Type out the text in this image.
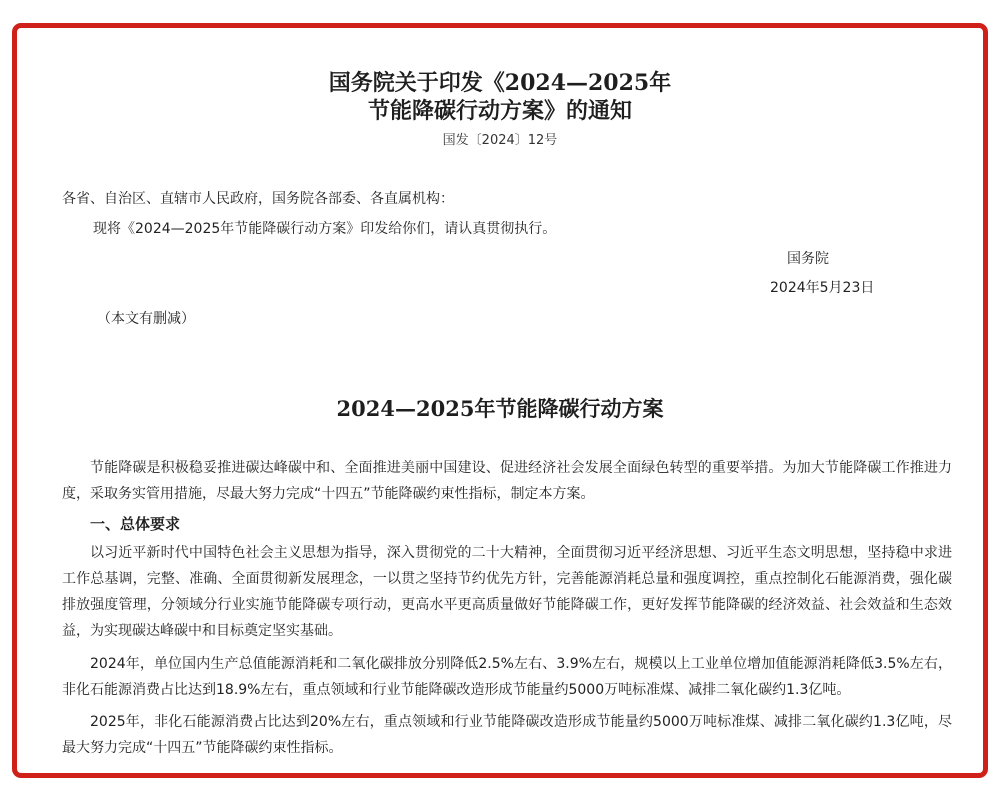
国务院关于印发《2024—2025年
节能降碳行动方案》的通知
国发〔2024〕12号

各省、自治区、直辖市人民政府，国务院各部委、各直属机构：

现将《2024—2025年节能降碳行动方案》印发给你们，请认真贯彻执行。

国务院

2024年5月23日

（本文有删减）

2024—2025年节能降碳行动方案

节能降碳是积极稳妥推进碳达峰碳中和、全面推进美丽中国建设、促进经济社会发展全面绿色转型的重要举措。为加大节能降碳工作推进力度，采取务实管用措施，尽最大努力完成“十四五”节能降碳约束性指标，制定本方案。

一、总体要求

以习近平新时代中国特色社会主义思想为指导，深入贯彻党的二十大精神，全面贯彻习近平经济思想、习近平生态文明思想，坚持稳中求进工作总基调，完整、准确、全面贯彻新发展理念，一以贯之坚持节约优先方针，完善能源消耗总量和强度调控，重点控制化石能源消费，强化碳排放强度管理，分领域分行业实施节能降碳专项行动，更高水平更高质量做好节能降碳工作，更好发挥节能降碳的经济效益、社会效益和生态效益，为实现碳达峰碳中和目标奠定坚实基础。

2024年，单位国内生产总值能源消耗和二氧化碳排放分别降低2.5%左右、3.9%左右，规模以上工业单位增加值能源消耗降低3.5%左右，非化石能源消费占比达到18.9%左右，重点领域和行业节能降碳改造形成节能量约5000万吨标准煤、减排二氧化碳约1.3亿吨。

2025年，非化石能源消费占比达到20%左右，重点领域和行业节能降碳改造形成节能量约5000万吨标准煤、减排二氧化碳约1.3亿吨，尽最大努力完成“十四五”节能降碳约束性指标。
